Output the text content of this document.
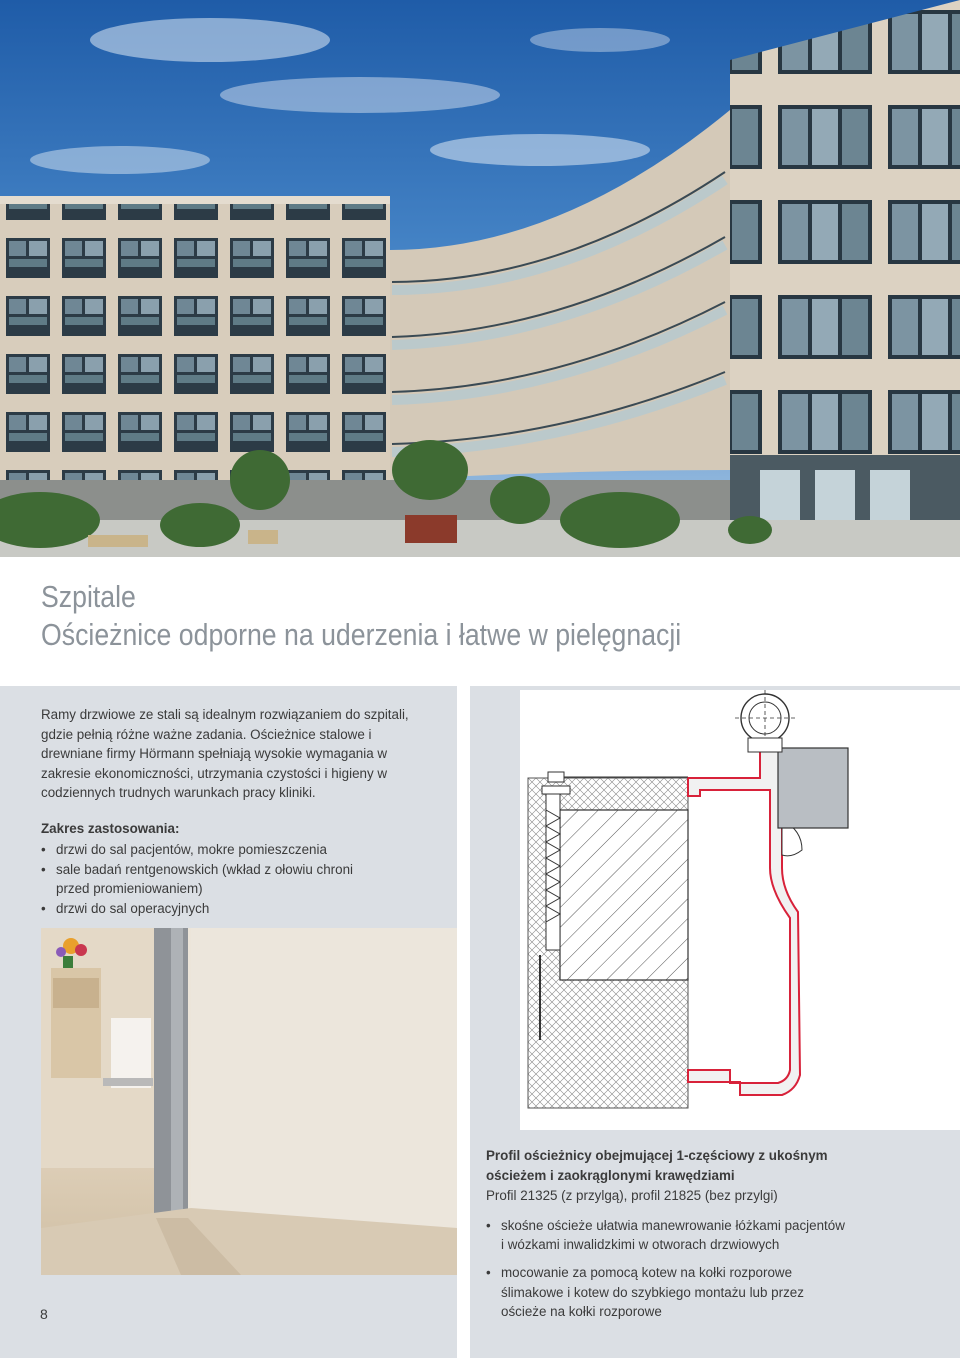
Szpitale
Ościeżnice odporne na uderzenia i łatwe w pielęgnacji
Ramy drzwiowe ze stali są idealnym rozwiązaniem do szpitali,
gdzie pełnią różne ważne zadania. Ościeżnice stalowe i
drewniane firmy Hörmann spełniają wysokie wymagania w
zakresie ekonomiczności, utrzymania czystości i higieny w
codziennych trudnych warunkach pracy kliniki.
Zakres zastosowania:
• drzwi do sal pacjentów, mokre pomieszczenia
• sale badań rentgenowskich (wkład z ołowiu chroni
przed promieniowaniem)
• drzwi do sal operacyjnych
8
Profil ościeżnicy obejmującej 1-częściowy z ukośnym
ościeżem i zaokrąglonymi krawędziami
Profil 21325 (z przylgą), profil 21825 (bez przylgi)
• skośne ościeże ułatwia manewrowanie łóżkami pacjentów
i wózkami inwalidzkimi w otworach drzwiowych
• mocowanie za pomocą kotew na kołki rozporowe
ślimakowe i kotew do szybkiego montażu lub przez
ościeże na kołki rozporowe
